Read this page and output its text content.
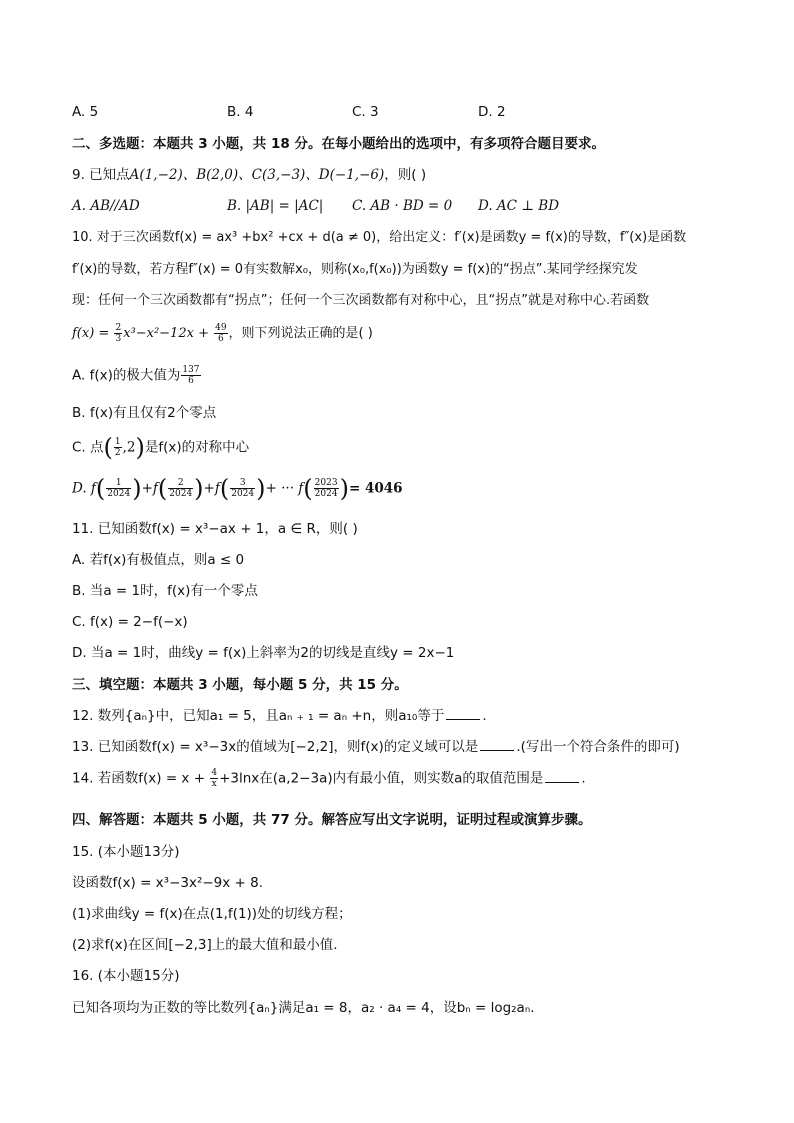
A. 5	B. 4	C. 3	D. 2
二、多选题：本题共 3 小题，共 18 分。在每小题给出的选项中，有多项符合题目要求。
9. 已知点A(1,−2)、B(2,0)、C(3,−3)、D(−1,−6)，则( )
A. AB//AD	B. |AB| = |AC| C. AB · BD = 0 D. AC ⊥ BD
10. 对于三次函数f(x) = ax³ +bx² +cx + d(a ≠ 0)，给出定义：f′(x)是函数y = f(x)的导数，f″(x)是函数
f′(x)的导数，若方程f″(x) = 0有实数解x₀，则称(x₀,f(x₀))为函数y = f(x)的“拐点”.某同学经探究发
现：任何一个三次函数都有“拐点”；任何一个三次函数都有对称中心，且“拐点”就是对称中心.若函数
$f(x) = \frac{2}{3} x^3-x^2-12x + \frac{49}{6}$ ，则下列说法正确的是( )
A. f(x)的极大值为 $\frac{137}{6}$
B. f(x)有且仅有2个零点
C. 点( $\frac{1}{2} ,2$)是f(x)的对称中心
D. $f( \frac{1}{2024} )+f( \frac{2}{2024} )+f( \frac{3}{2024}$ )+ ··· $f( \frac{2023}{2024}$ )= 4046
11. 已知函数f(x) = x³−ax + 1，a ∈ R，则( )
A. 若f(x)有极值点，则a ≤ 0
B. 当a = 1时，f(x)有一个零点
C. f(x) = 2−f(−x)
D. 当a = 1时，曲线y = f(x)上斜率为2的切线是直线y = 2x−1
三、填空题：本题共 3 小题，每小题 5 分，共 15 分。
12. 数列{aₙ}中，已知a₁ = 5，且aₙ ₊ ₁ = aₙ +n，则a₁₀等于	.
13. 已知函数f(x) = x³−3x的值域为[−2,2]，则f(x)的定义域可以是	.(写出一个符合条件的即可)
14. 若函数$f(x) = x + \frac{4}{x} +3\ln x$在(a,2−3a)内有最小值，则实数a的取值范围是	.
四、解答题：本题共 5 小题，共 77 分。解答应写出文字说明，证明过程或演算步骤。
15. (本小题13分)
设函数f(x) = x³−3x²−9x + 8.
(1)求曲线y = f(x)在点(1,f(1))处的切线方程；
(2)求f(x)在区间[−2,3]上的最大值和最小值.
16. (本小题15分)
已知各项均为正数的等比数列{aₙ}满足a₁ = 8，a₂ · a₄ = 4，设bₙ = log₂aₙ.
